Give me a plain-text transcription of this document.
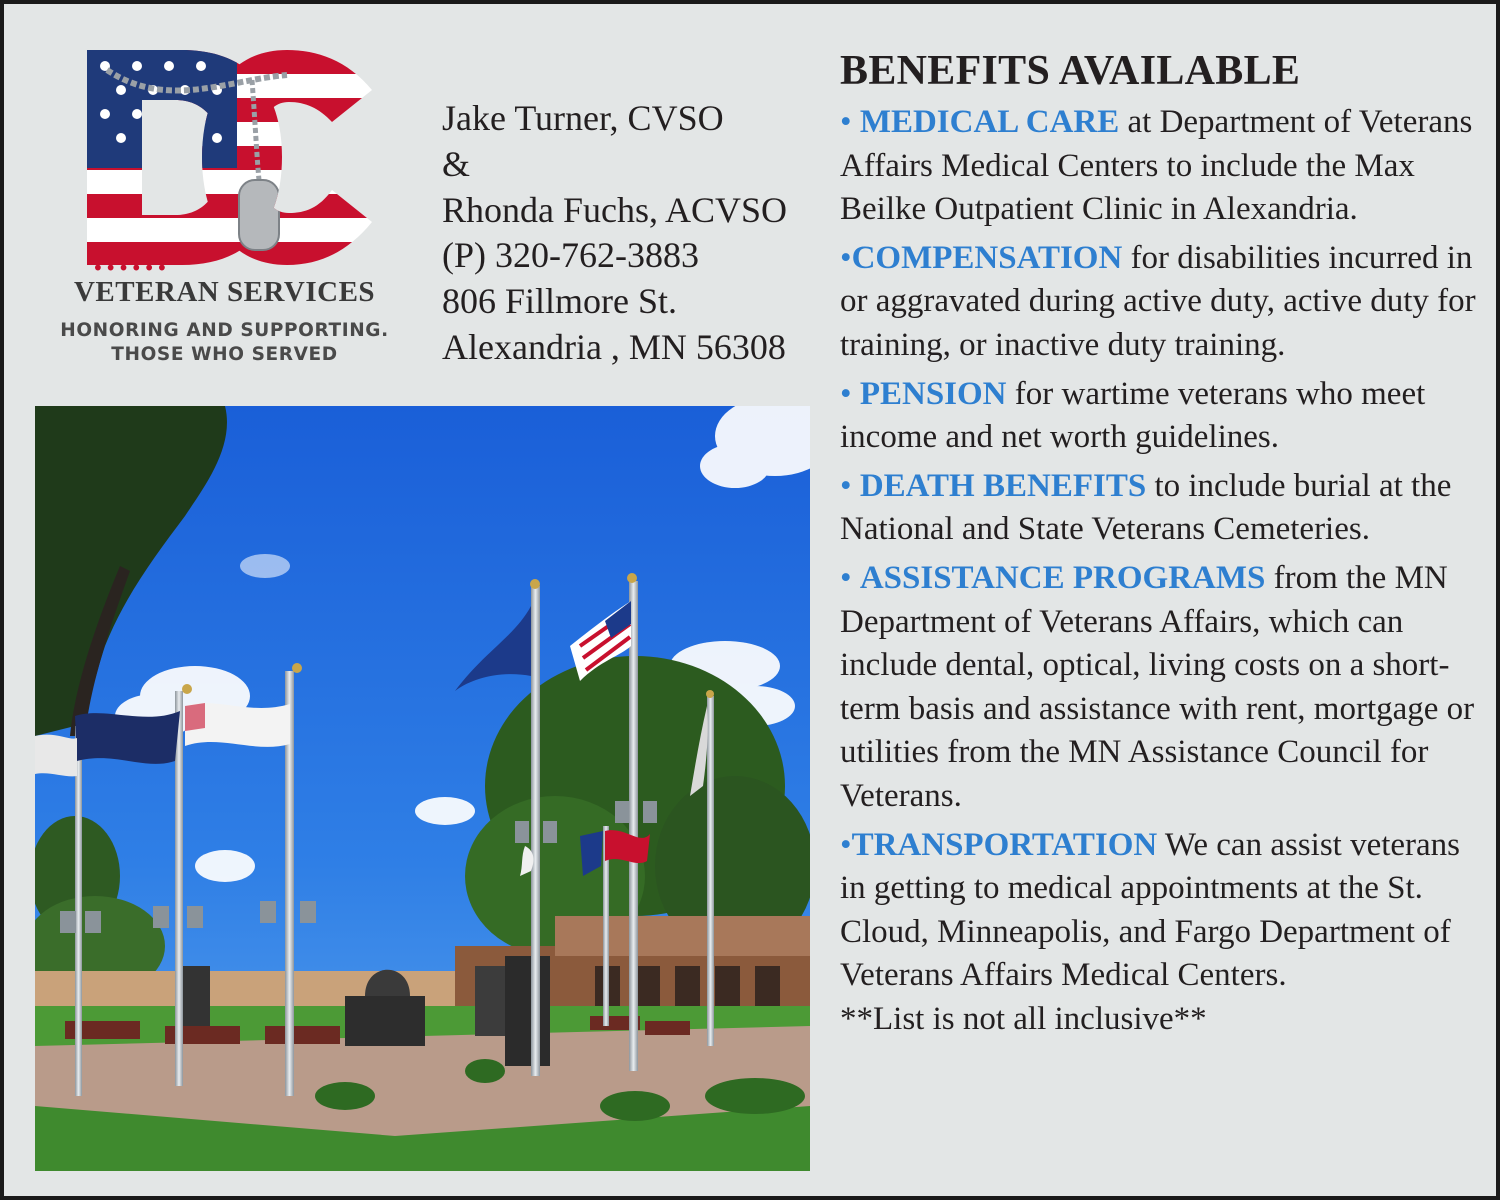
••••••
VETERAN SERVICES
HONORING AND SUPPORTING.
THOSE WHO SERVED
Jake Turner, CVSO
&
Rhonda Fuchs, ACVSO
(P) 320-762-3883
806 Fillmore St.
Alexandria , MN 56308
BENEFITS AVAILABLE
• MEDICAL CARE at Department of Veterans Affairs Medical Centers to include the Max Beilke Outpatient Clinic in Alexandria.
•COMPENSATION for disabilities incurred in or aggravated during active duty, active duty for training, or inactive duty training.
• PENSION for wartime veterans who meet income and net worth guidelines.
• DEATH BENEFITS to include burial at the National and State Veterans Cemeteries.
• ASSISTANCE PROGRAMS from the MN Department of Veterans Affairs, which can include dental, optical, living costs on a short-term basis and assistance with rent, mortgage or utilities from the MN Assistance Council for Veterans.
•TRANSPORTATION We can assist veterans in getting to medical appointments at the St. Cloud, Minneapolis, and Fargo Department of Veterans Affairs Medical Centers.
**List is not all inclusive**
